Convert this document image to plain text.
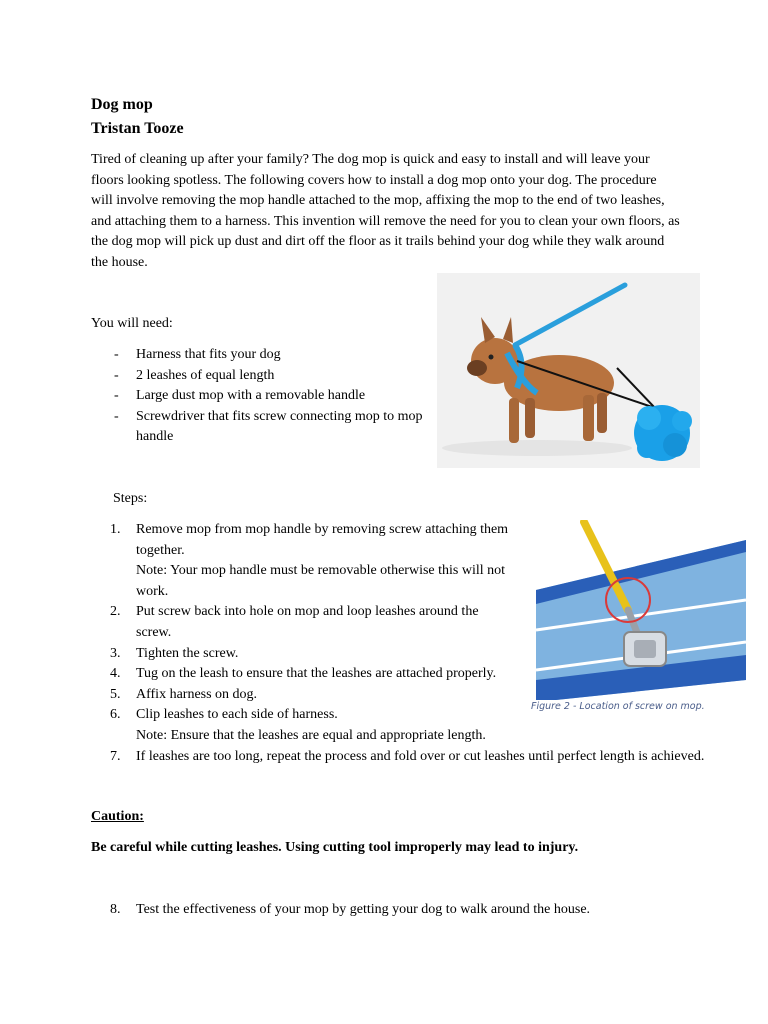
Dog mop
Tristan Tooze
Tired of cleaning up after your family? The dog mop is quick and easy to install and will leave your floors looking spotless. The following covers how to install a dog mop onto your dog. The procedure will involve removing the mop handle attached to the mop, affixing the mop to the end of two leashes, and attaching them to a harness. This invention will remove the need for you to clean your own floors, as the dog mop will pick up dust and dirt off the floor as it trails behind your dog while they walk around the house.
You will need:
- Harness that fits your dog
- 2 leashes of equal length
- Large dust mop with a removable handle
- Screwdriver that fits screw connecting mop to mop handle
Steps:
1. Remove mop from mop handle by removing screw attaching them together.
Note: Your mop handle must be removable otherwise this will not work.
2. Put screw back into hole on mop and loop leashes around the screw.
3. Tighten the screw.
4. Tug on the leash to ensure that the leashes are attached properly.
5. Affix harness on dog.
6. Clip leashes to each side of harness.
Note: Ensure that the leashes are equal and appropriate length.
7. If leashes are too long, repeat the process and fold over or cut leashes until perfect length is achieved.
Figure 2 - Location of screw on mop.
Caution:
Be careful while cutting leashes. Using cutting tool improperly may lead to injury.
8. Test the effectiveness of your mop by getting your dog to walk around the house.
